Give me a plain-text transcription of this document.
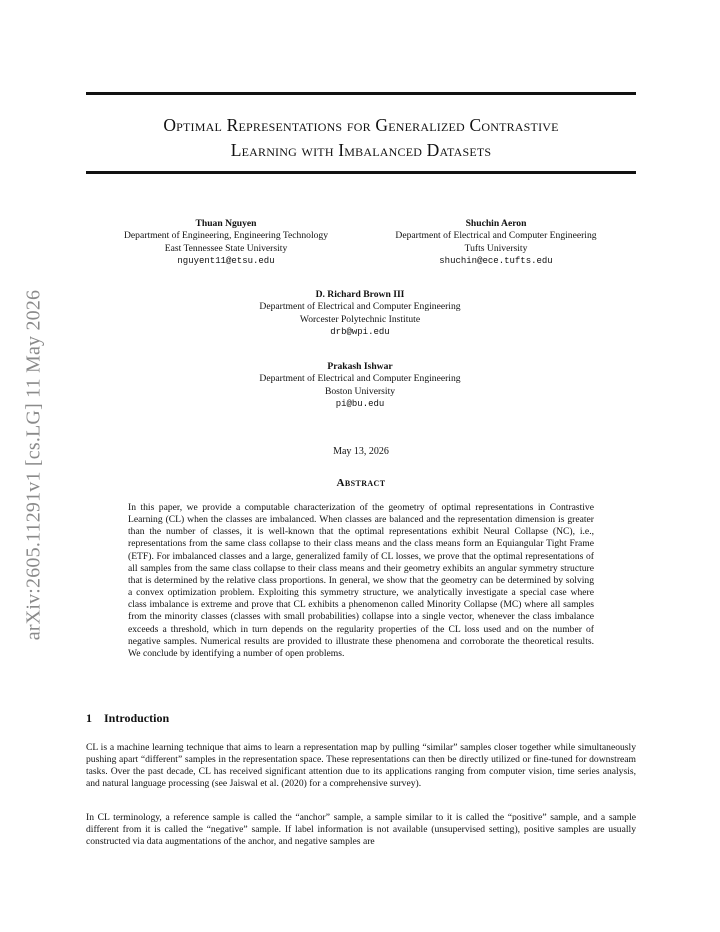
arXiv:2605.11291v1 [cs.LG] 11 May 2026
Optimal Representations for Generalized Contrastive
Learning with Imbalanced Datasets
Thuan Nguyen
Department of Engineering, Engineering Technology
East Tennessee State University
nguyent11@etsu.edu
Shuchin Aeron
Department of Electrical and Computer Engineering
Tufts University
shuchin@ece.tufts.edu
D. Richard Brown III
Department of Electrical and Computer Engineering
Worcester Polytechnic Institute
drb@wpi.edu
Prakash Ishwar
Department of Electrical and Computer Engineering
Boston University
pi@bu.edu
May 13, 2026
Abstract
In this paper, we provide a computable characterization of the geometry of optimal representations in Contrastive Learning (CL) when the classes are imbalanced. When classes are balanced and the representation dimension is greater than the number of classes, it is well-known that the optimal representations exhibit Neural Collapse (NC), i.e., representations from the same class collapse to their class means and the class means form an Equiangular Tight Frame (ETF). For imbalanced classes and a large, generalized family of CL losses, we prove that the optimal representations of all samples from the same class collapse to their class means and their geometry exhibits an angular symmetry structure that is determined by the relative class proportions. In general, we show that the geometry can be determined by solving a convex optimization problem. Exploiting this symmetry structure, we analytically investigate a special case where class imbalance is extreme and prove that CL exhibits a phenomenon called Minority Collapse (MC) where all samples from the minority classes (classes with small probabilities) collapse into a single vector, whenever the class imbalance exceeds a threshold, which in turn depends on the regularity properties of the CL loss used and on the number of negative samples. Numerical results are provided to illustrate these phenomena and corroborate the theoretical results. We conclude by identifying a number of open problems.
1 Introduction
CL is a machine learning technique that aims to learn a representation map by pulling “similar” samples closer together while simultaneously pushing apart “different” samples in the representation space. These representations can then be directly utilized or fine-tuned for downstream tasks. Over the past decade, CL has received significant attention due to its applications ranging from computer vision, time series analysis, and natural language processing (see Jaiswal et al. (2020) for a comprehensive survey).
In CL terminology, a reference sample is called the “anchor” sample, a sample similar to it is called the “positive” sample, and a sample different from it is called the “negative” sample. If label information is not available (unsupervised setting), positive samples are usually constructed via data augmentations of the anchor, and negative samples are
